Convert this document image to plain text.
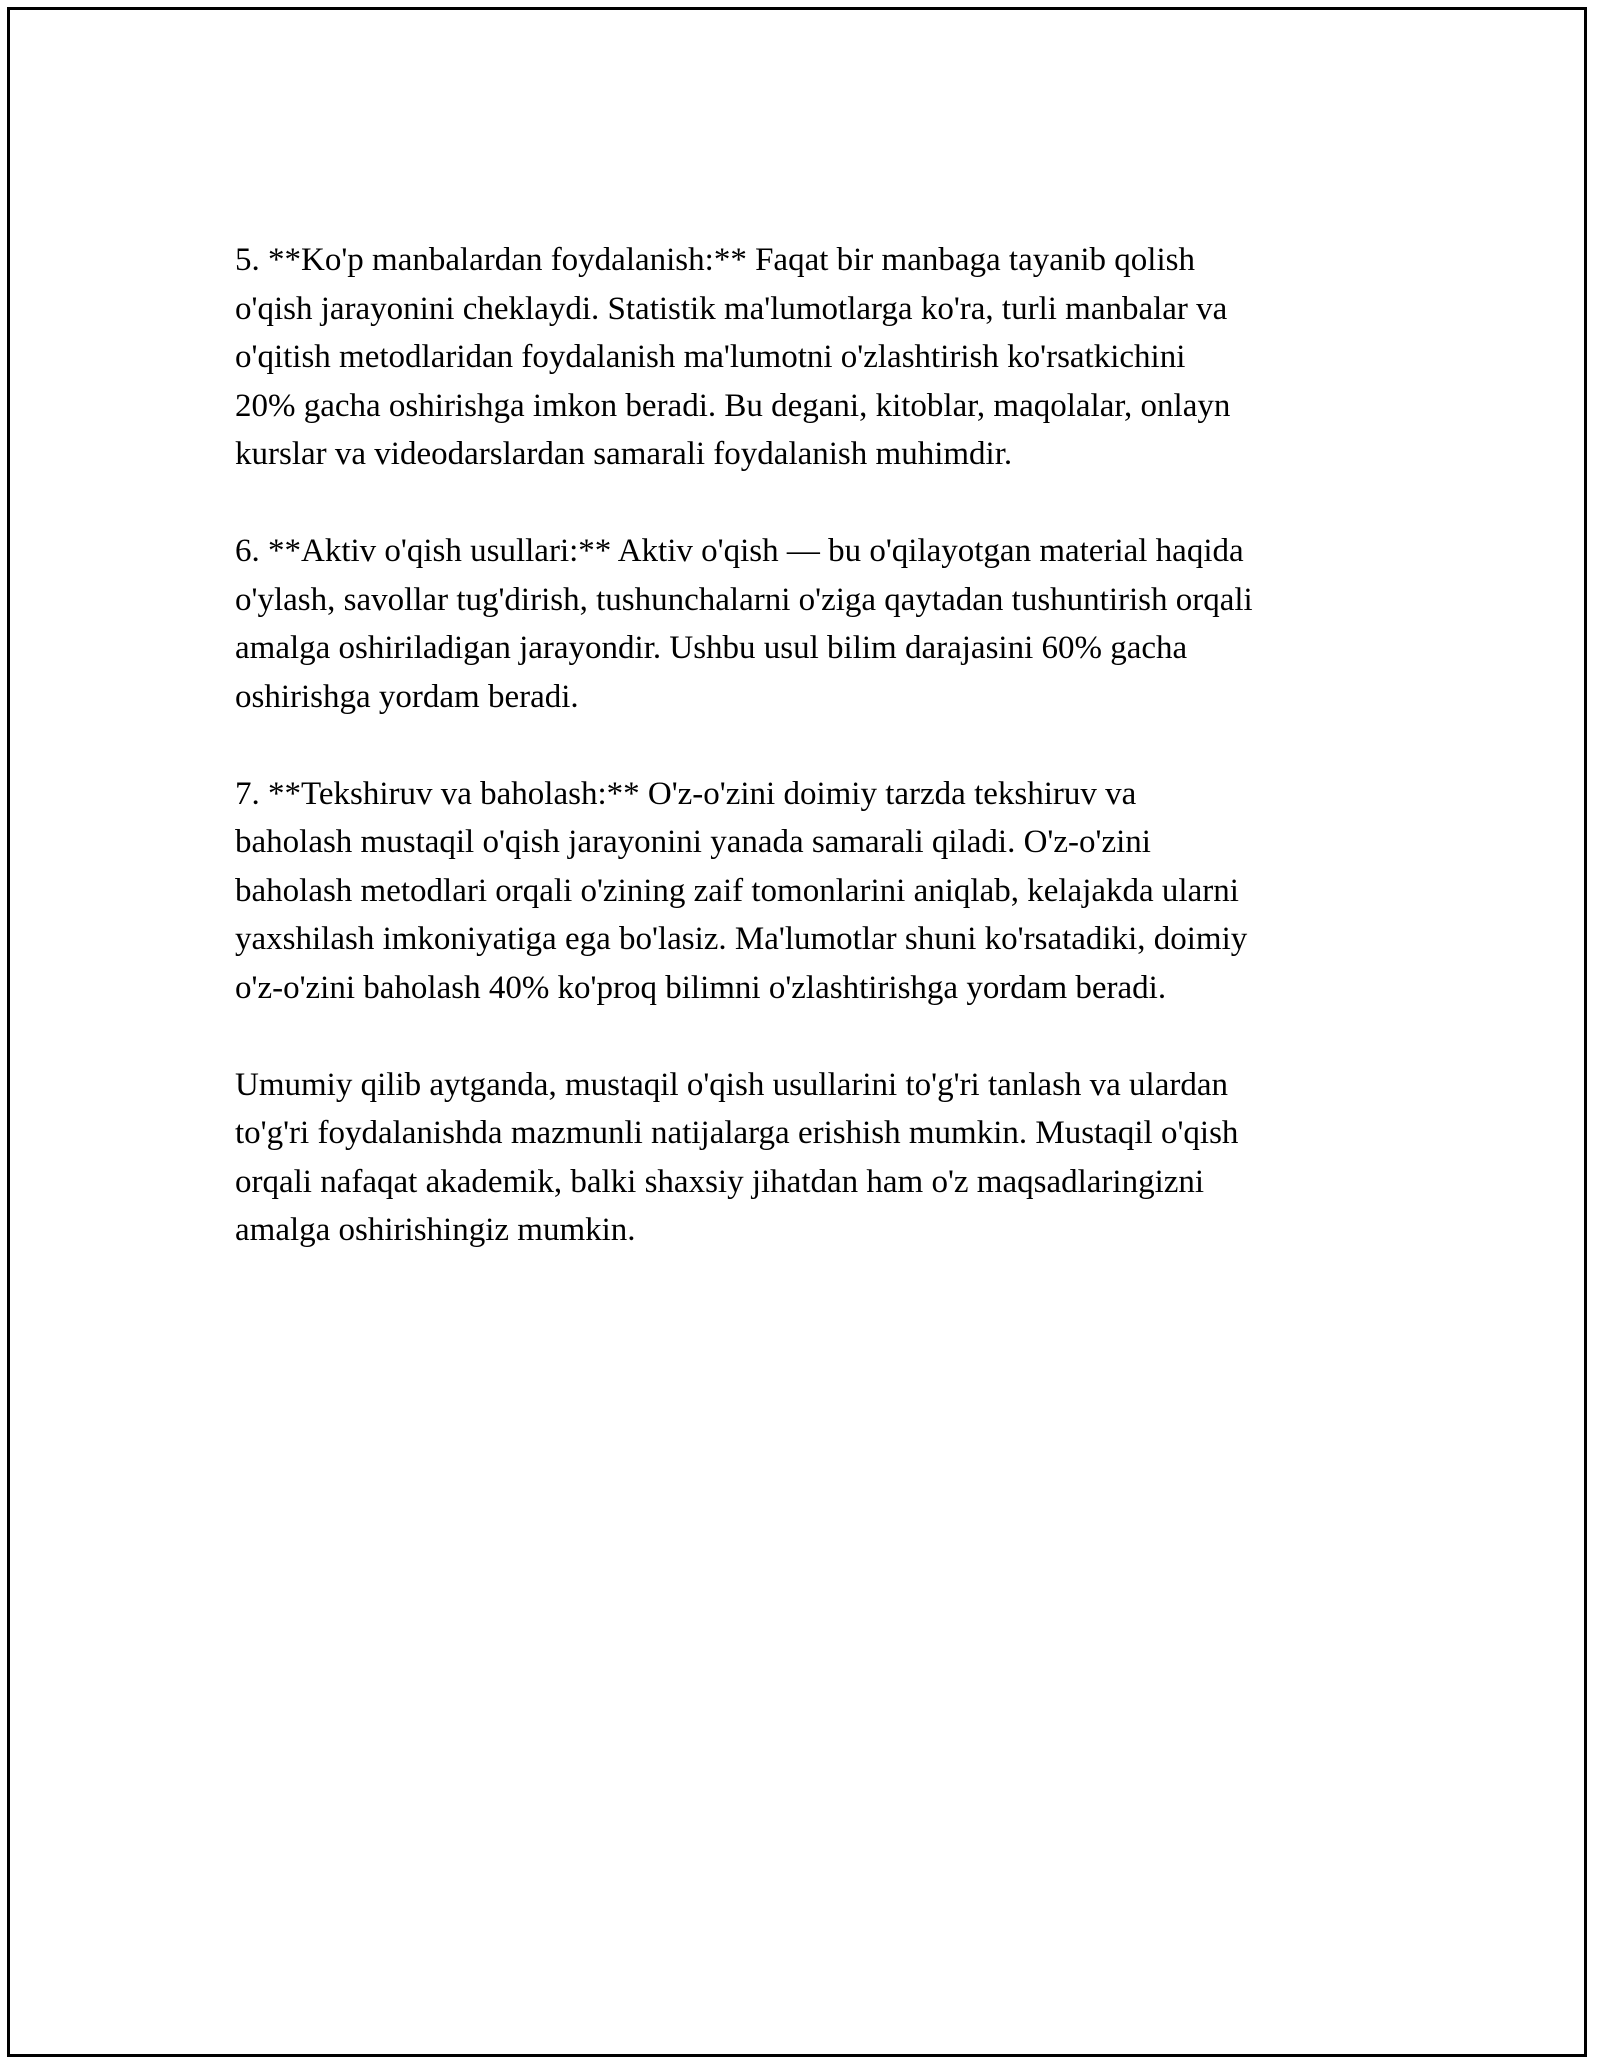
5. **Ko'p manbalardan foydalanish:** Faqat bir manbaga tayanib qolish
o'qish jarayonini cheklaydi. Statistik ma'lumotlarga ko'ra, turli manbalar va
o'qitish metodlaridan foydalanish ma'lumotni o'zlashtirish ko'rsatkichini
20% gacha oshirishga imkon beradi. Bu degani, kitoblar, maqolalar, onlayn
kurslar va videodarslardan samarali foydalanish muhimdir.

6. **Aktiv o'qish usullari:** Aktiv o'qish — bu o'qilayotgan material haqida
o'ylash, savollar tug'dirish, tushunchalarni o'ziga qaytadan tushuntirish orqali
amalga oshiriladigan jarayondir. Ushbu usul bilim darajasini 60% gacha
oshirishga yordam beradi.

7. **Tekshiruv va baholash:** O'z-o'zini doimiy tarzda tekshiruv va
baholash mustaqil o'qish jarayonini yanada samarali qiladi. O'z-o'zini
baholash metodlari orqali o'zining zaif tomonlarini aniqlab, kelajakda ularni
yaxshilash imkoniyatiga ega bo'lasiz. Ma'lumotlar shuni ko'rsatadiki, doimiy
o'z-o'zini baholash 40% ko'proq bilimni o'zlashtirishga yordam beradi.

Umumiy qilib aytganda, mustaqil o'qish usullarini to'g'ri tanlash va ulardan
to'g'ri foydalanishda mazmunli natijalarga erishish mumkin. Mustaqil o'qish
orqali nafaqat akademik, balki shaxsiy jihatdan ham o'z maqsadlaringizni
amalga oshirishingiz mumkin.
